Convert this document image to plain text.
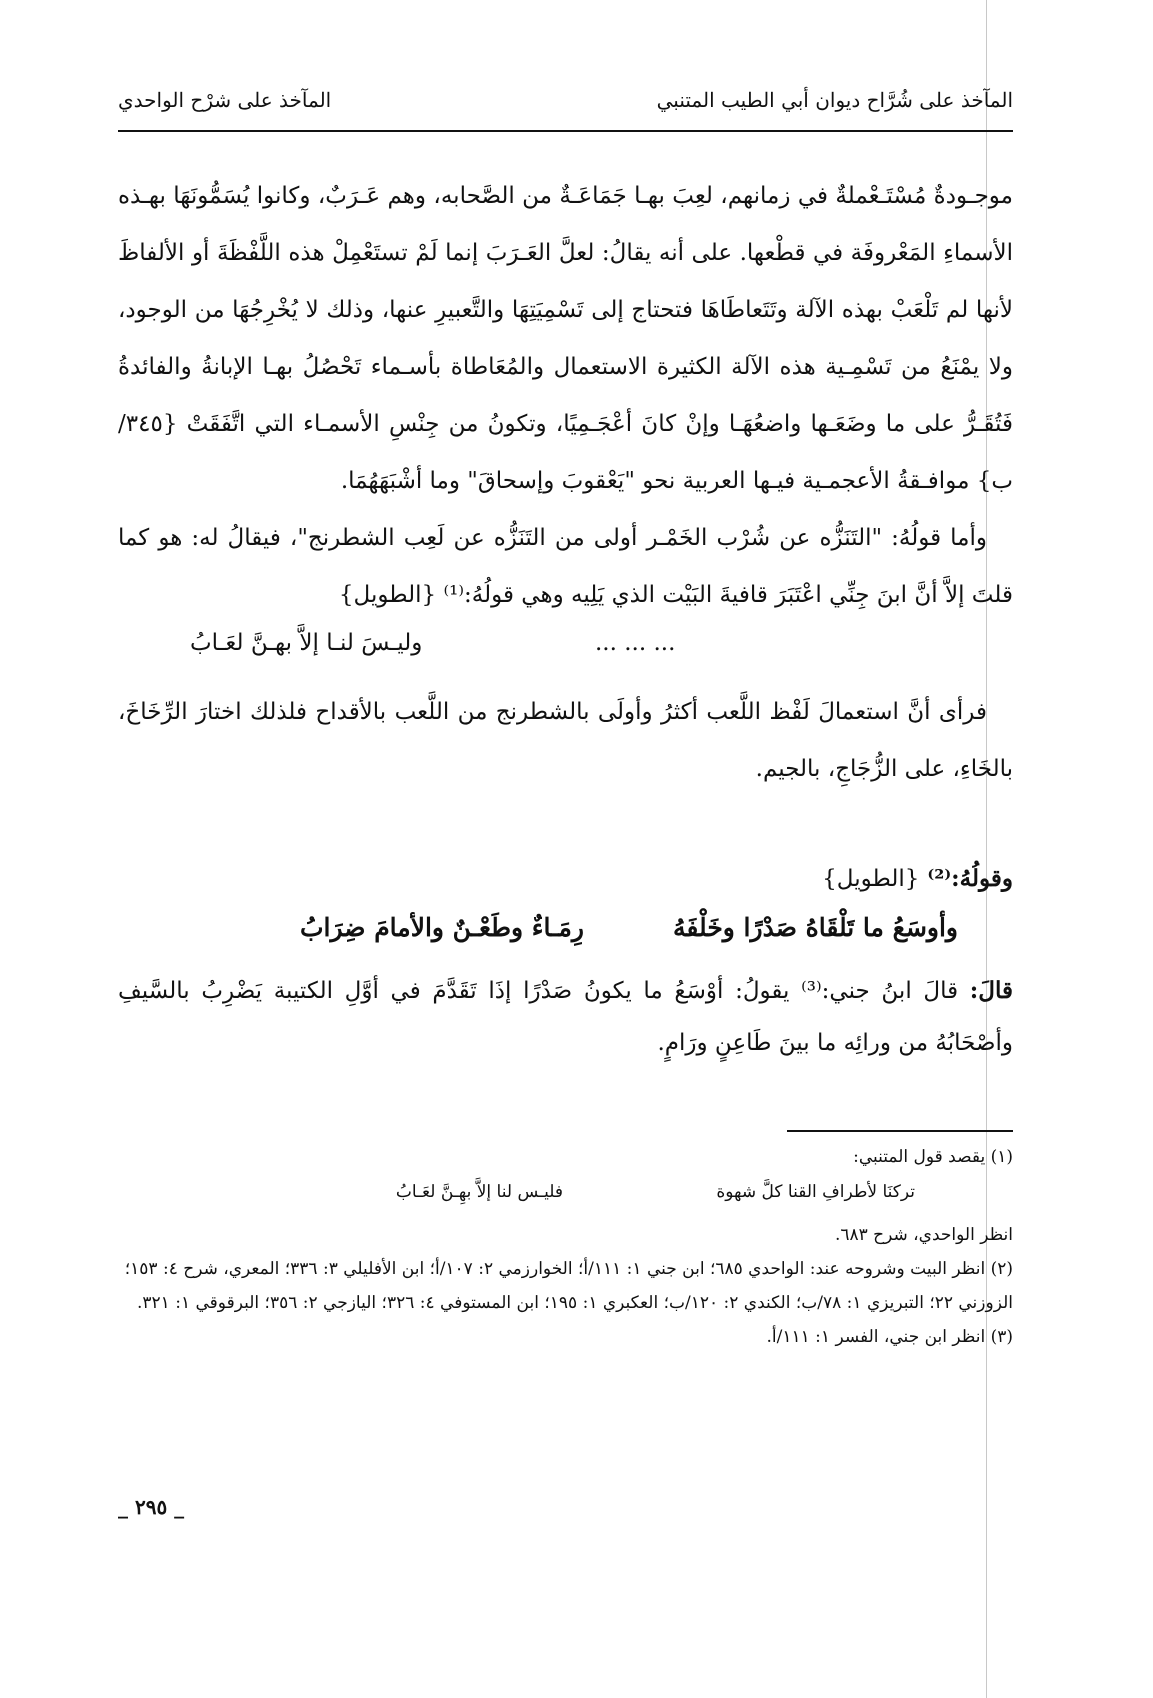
المآخذ على شُرَّاح ديوان أبي الطيب المتنبي
المآخذ على شرْح الواحدي

موجـودةٌ مُسْتَـعْملةٌ في زمانهم، لعِبَ بهـا جَمَاعَـةٌ من الصَّحابه، وهم عَـرَبٌ، وكانوا يُسَمُّونَهَا بهـذه الأسماءِ المَعْروفَة في قطْعها. على أنه يقالُ: لعلَّ العَـرَبَ إنما لَمْ تستَعْمِلْ هذه اللَّفْظَةَ أو الألفاظَ لأنها لم تَلْعَبْ بهذه الآلة وتَتَعاطَاهَا فتحتاج إلى تَسْمِيَتِهَا والتَّعبيرِ عنها، وذلك لا يُخْرِجُهَا من الوجود، ولا يمْنَعُ من تَسْمِـية هذه الآلة الكثيرة الاستعمال والمُعَاطاة بأسـماء تَحْصُلُ بهـا الإبانةُ والفائدةُ فَتُقَـرُّ على ما وضَعَـها واضعُهَـا وإنْ كانَ أعْجَـمِيًا، وتكونُ من جِنْسِ الأسمـاء التي اتَّفَقَتْ {٣٤٥/ ب} موافـقةُ الأعجمـية فيـها العربية نحو "يَعْقوبَ وإسحاقَ" وما أشْبَهَهُمَا.

وأما قولُهُ: "التَنَزُّه عن شُرْب الخَمْـر أولى من التَنَزُّه عن لَعِب الشطرنج"، فيقالُ له: هو كما قلتَ إلاَّ أنَّ ابنَ جِنِّي اعْتَبَرَ قافيةَ البَيْت الذي يَلِيه وهي قولُهُ:⁽¹⁾ {الطويل}

... ... ...
وليـسَ لنـا إلاَّ بهـنَّ لعَـابُ

فرأى أنَّ استعمالَ لَفْظ اللَّعب أكثرُ وأولَى بالشطرنج من اللَّعب بالأقداح فلذلك اختارَ الرِّخَاخَ، بالخَاءِ، على الزُّجَاجِ، بالجيم.

وقولُهُ:⁽²⁾ {الطويل}
وأوسَعُ ما تَلْقَاهُ صَدْرًا وخَلْفَهُ
رِمَـاءٌ وطَعْـنٌ والأمامَ ضِرَابُ

قالَ: قالَ ابنُ جني:⁽³⁾ يقولُ: أوْسَعُ ما يكونُ صَدْرًا إذَا تَقَدَّمَ في أوَّلِ الكتيبة يَضْرِبُ بالسَّيفِ وأصْحَابُهُ من ورائِه ما بينَ طَاعِنٍ ورَامٍ.

(١) يقصد قول المتنبي:

تركنَا لأطرافِ القنا كلَّ شهوة
فليـس لنا إلاَّ بهِـنَّ لعَـابُ

انظر الواحدي، شرح ٦٨٣.

(٢) انظر البيت وشروحه عند: الواحدي ٦٨٥؛ ابن جني ١: ١١١/أ؛ الخوارزمي ٢: ١٠٧/أ؛ ابن الأفليلي ٣: ٣٣٦؛ المعري، شرح ٤: ١٥٣؛ الزوزني ٢٢؛ التبريزي ١: ٧٨/ب؛ الكندي ٢: ١٢٠/ب؛ العكبري ١: ١٩٥؛ ابن المستوفي ٤: ٣٢٦؛ اليازجي ٢: ٣٥٦؛ البرقوقي ١: ٣٢١.

(٣) انظر ابن جني، الفسر ١: ١١١/أ.

_ ٢٩٥ _
